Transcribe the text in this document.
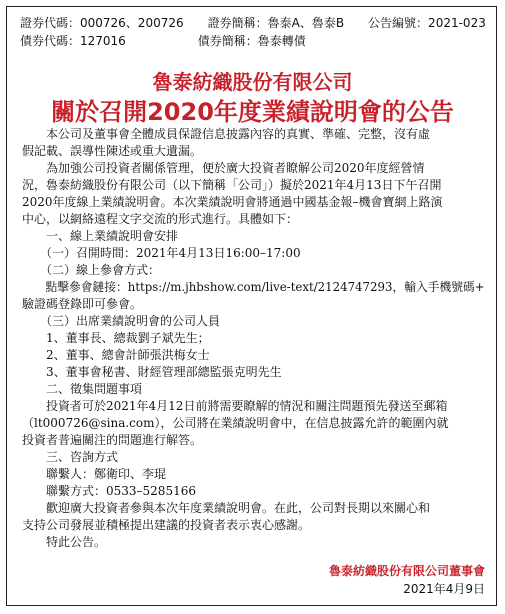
證券代碼：000726、200726　　證券簡稱：魯泰A、魯泰B　　公告編號：2021-023
債券代碼：127016　　　　　　債券簡稱：魯泰轉債
魯泰紡織股份有限公司
關於召開2020年度業績說明會的公告
　　本公司及董事會全體成員保證信息披露內容的真實、準確、完整，沒有虛
假記載、誤導性陳述或重大遺漏。
　　為加強公司投資者關係管理，便於廣大投資者瞭解公司2020年度經營情
況，魯泰紡織股份有限公司（以下簡稱「公司」）擬於2021年4月13日下午召開
2020年度線上業績說明會。本次業績說明會將通過中國基金報–機會寶網上路演
中心，以網絡遠程文字交流的形式進行。具體如下：
　　一、線上業績說明會安排
　　（一）召開時間：2021年4月13日16:00–17:00
　　（二）線上參會方式：
　　點擊參會鏈接：https://m.jhbshow.com/live-text/2124747293，輸入手機號碼+
驗證碼登錄即可參會。
　　（三）出席業績說明會的公司人員
　　1、董事長、總裁劉子斌先生；
　　2、董事、總會計師張洪梅女士
　　3、董事會秘書、財經管理部總監張克明先生
　　二、徵集問題事項
　　投資者可於2021年4月12日前將需要瞭解的情況和關注問題預先發送至郵箱
（lt000726@sina.com），公司將在業績說明會中，在信息披露允許的範圍內就
投資者普遍關注的問題進行解答。
　　三、咨詢方式
　　聯繫人：鄭衛印、李琨
　　聯繫方式：0533–5285166
　　歡迎廣大投資者參與本次年度業績說明會。在此，公司對長期以來關心和
支持公司發展並積極提出建議的投資者表示衷心感謝。
　　特此公告。
魯泰紡織股份有限公司董事會
2021年4月9日
